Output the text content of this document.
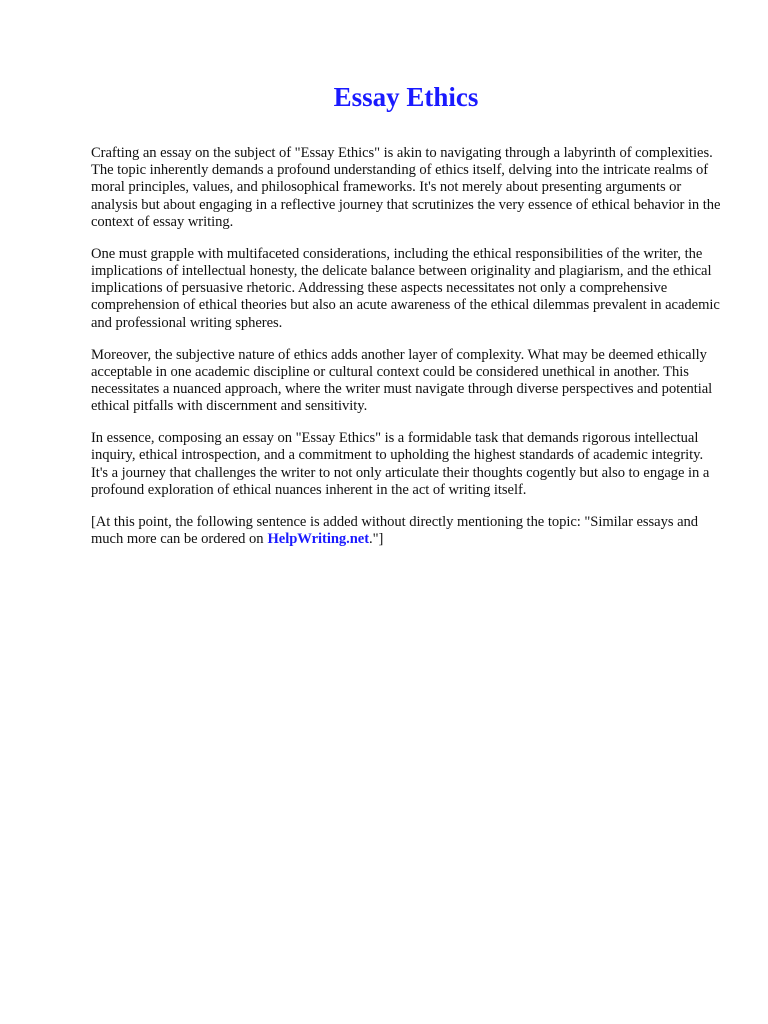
Essay Ethics

Crafting an essay on the subject of "Essay Ethics" is akin to navigating through a labyrinth of complexities. The topic inherently demands a profound understanding of ethics itself, delving into the intricate realms of moral principles, values, and philosophical frameworks. It's not merely about presenting arguments or analysis but about engaging in a reflective journey that scrutinizes the very essence of ethical behavior in the context of essay writing.

One must grapple with multifaceted considerations, including the ethical responsibilities of the writer, the implications of intellectual honesty, the delicate balance between originality and plagiarism, and the ethical implications of persuasive rhetoric. Addressing these aspects necessitates not only a comprehensive comprehension of ethical theories but also an acute awareness of the ethical dilemmas prevalent in academic and professional writing spheres.

Moreover, the subjective nature of ethics adds another layer of complexity. What may be deemed ethically acceptable in one academic discipline or cultural context could be considered unethical in another. This necessitates a nuanced approach, where the writer must navigate through diverse perspectives and potential ethical pitfalls with discernment and sensitivity.

In essence, composing an essay on "Essay Ethics" is a formidable task that demands rigorous intellectual inquiry, ethical introspection, and a commitment to upholding the highest standards of academic integrity. It's a journey that challenges the writer to not only articulate their thoughts cogently but also to engage in a profound exploration of ethical nuances inherent in the act of writing itself.

[At this point, the following sentence is added without directly mentioning the topic: "Similar essays and much more can be ordered on HelpWriting.net."]
